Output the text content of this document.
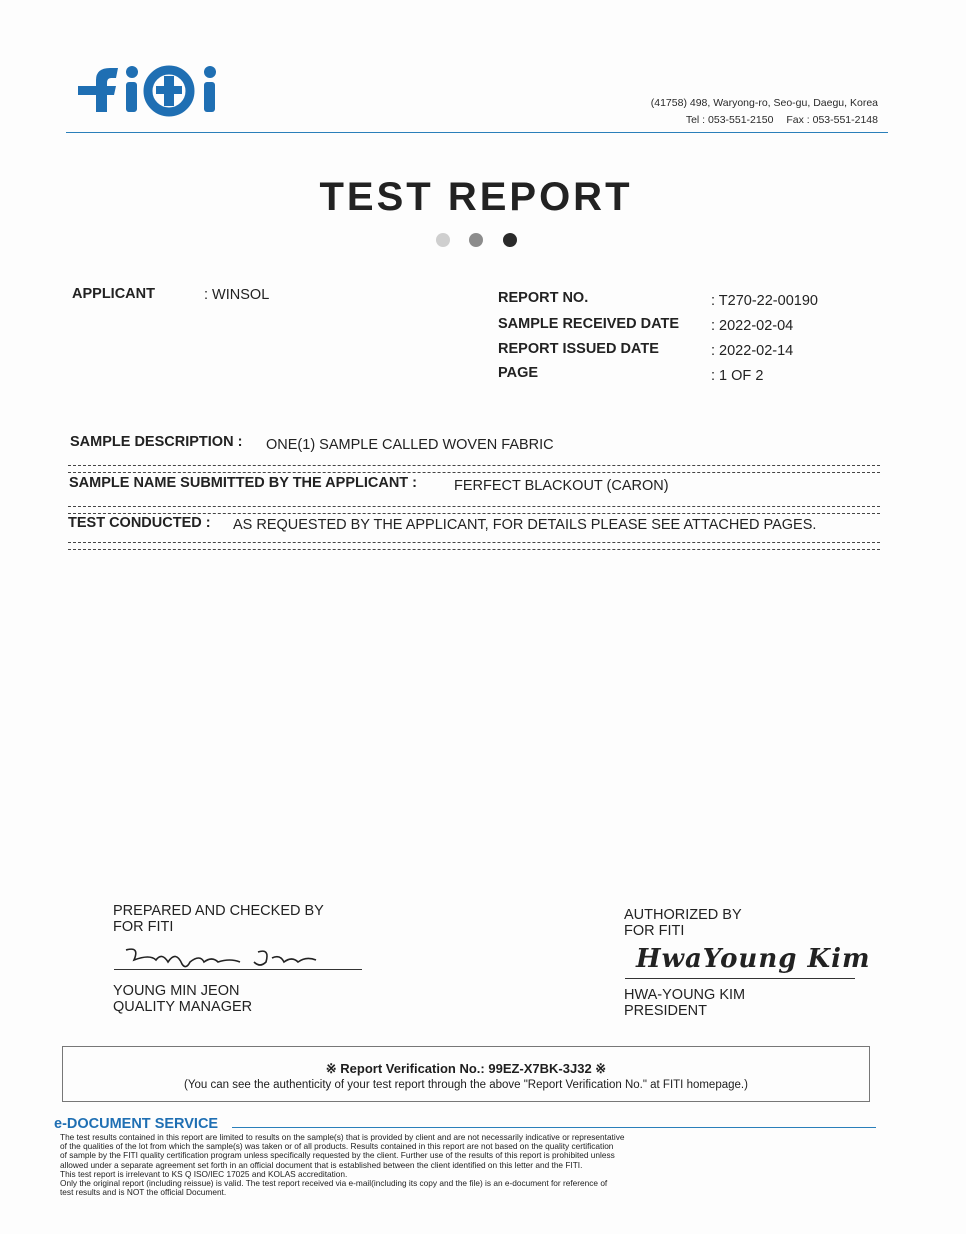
(41758) 498, Waryong-ro, Seo-gu, Daegu, Korea
Tel : 053-551-2150 Fax : 053-551-2148
TEST REPORT
APPLICANT	: WINSOL	REPORT NO.	: T270-22-00190
SAMPLE RECEIVED DATE : 2022-02-04
REPORT ISSUED DATE	: 2022-02-14
PAGE	: 1 OF 2
SAMPLE DESCRIPTION : ONE(1) SAMPLE CALLED WOVEN FABRIC
SAMPLE NAME SUBMITTED BY THE APPLICANT :	FERFECT BLACKOUT (CARON)
TEST CONDUCTED : AS REQUESTED BY THE APPLICANT, FOR DETAILS PLEASE SEE ATTACHED PAGES.
PREPARED AND CHECKED BY
FOR FITI
YOUNG MIN JEON
QUALITY MANAGER
AUTHORIZED BY
FOR FITI
HwaYoung Kim
HWA-YOUNG KIM
PRESIDENT
※ Report Verification No.: 99EZ-X7BK-3J32 ※
(You can see the authenticity of your test report through the above "Report Verification No." at FITI homepage.)
e-DOCUMENT SERVICE
The test results contained in this report are limited to results on the sample(s) that is provided by client and are not necessarily indicative or representative
of the qualities of the lot from which the sample(s) was taken or of all products. Results contained in this report are not based on the quality certification
of sample by the FITI quality certification program unless specifically requested by the client. Further use of the results of this report is prohibited unless
allowed under a separate agreement set forth in an official document that is established between the client identified on this letter and the FITI.
This test report is irrelevant to KS Q ISO/IEC 17025 and KOLAS accreditation.
Only the original report (including reissue) is valid. The test report received via e-mail(including its copy and the file) is an e-document for reference of
test results and is NOT the official Document.
